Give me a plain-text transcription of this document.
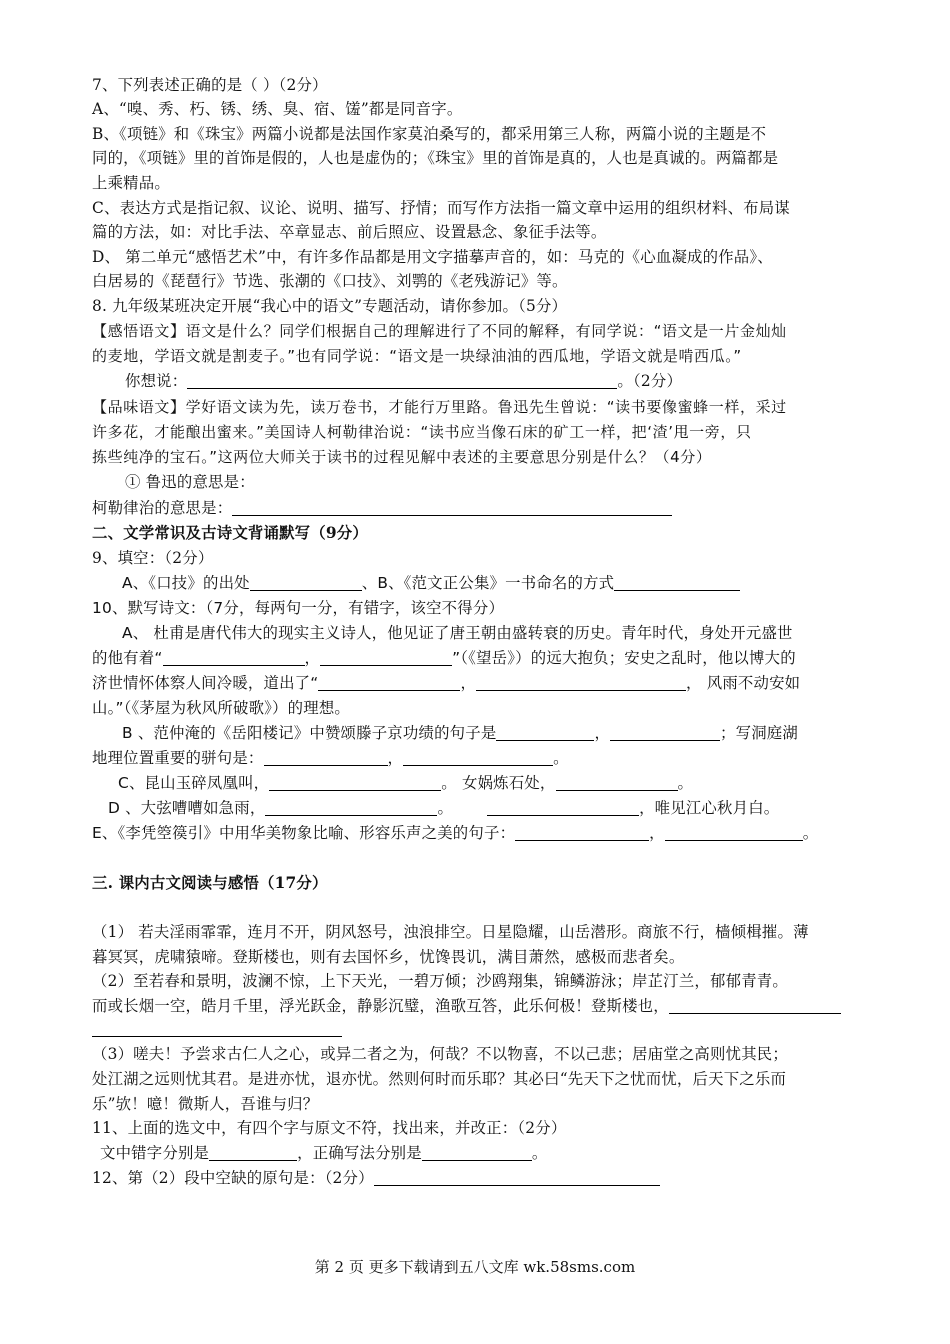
7、下列表述正确的是（ ）（2分）
A、“嗅、秀、朽、锈、绣、臭、宿、馐”都是同音字。
B、《项链》和《珠宝》两篇小说都是法国作家莫泊桑写的，都采用第三人称，两篇小说的主题是不
同的，《项链》里的首饰是假的，人也是虚伪的；《珠宝》里的首饰是真的，人也是真诚的。两篇都是
上乘精品。
C、表达方式是指记叙、议论、说明、描写、抒情；而写作方法指一篇文章中运用的组织材料、布局谋
篇的方法，如：对比手法、卒章显志、前后照应、设置悬念、象征手法等。
D、 第二单元“感悟艺术”中，有许多作品都是用文字描摹声音的，如：马克的《心血凝成的作品》、
白居易的《琵琶行》节选、张潮的《口技》、刘鹗的《老残游记》等。
8. 九年级某班决定开展“我心中的语文”专题活动，请你参加。（5分）
【感悟语文】语文是什么？同学们根据自己的理解进行了不同的解释，有同学说：“语文是一片金灿灿
的麦地，学语文就是割麦子。”也有同学说：“语文是一块绿油油的西瓜地，学语文就是啃西瓜。”
你想说：	。（2分）
【品味语文】学好语文读为先，读万卷书，才能行万里路。鲁迅先生曾说：“读书要像蜜蜂一样，采过
许多花，才能酿出蜜来。”美国诗人柯勒律治说：“读书应当像石床的矿工一样，把‘渣’甩一旁，只
拣些纯净的宝石。”这两位大师关于读书的过程见解中表述的主要意思分别是什么？（4分）
① 鲁迅的意思是：
柯勒律治的意思是：
二、文学常识及古诗文背诵默写（9分）
9、填空：（2分）
A、《口技》的出处	、B、《范文正公集》一书命名的方式
10、默写诗文：（7分，每两句一分，有错字，该空不得分）
A、 杜甫是唐代伟大的现实主义诗人，他见证了唐王朝由盛转衰的历史。青年时代，身处开元盛世
的他有着“	，	”（《望岳》）的远大抱负；安史之乱时，他以博大的
济世情怀体察人间冷暖，道出了“	，	， 风雨不动安如
山。”（《茅屋为秋风所破歌》）的理想。
B 、范仲淹的《岳阳楼记》中赞颂滕子京功绩的句子是	，	；写洞庭湖
地理位置重要的骈句是：	，	。
C、昆山玉碎凤凰叫，	。 女娲炼石处，	。
D 、大弦嘈嘈如急雨，	。	，唯见江心秋月白。
E、《李凭箜篌引》中用华美物象比喻、形容乐声之美的句子：	，	。
三. 课内古文阅读与感悟（17分）
（1） 若夫淫雨霏霏，连月不开，阴风怒号，浊浪排空。日星隐耀，山岳潜形。商旅不行，樯倾楫摧。薄
暮冥冥，虎啸猿啼。登斯楼也，则有去国怀乡，忧馋畏讥，满目萧然，感极而悲者矣。
（2）至若春和景明，波澜不惊，上下天光，一碧万倾；沙鸥翔集，锦鳞游泳；岸芷汀兰，郁郁青青。
而或长烟一空，皓月千里，浮光跃金，静影沉璧，渔歌互答，此乐何极！登斯楼也，
（3）嗟夫！予尝求古仁人之心，或异二者之为，何哉？不以物喜，不以己悲；居庙堂之高则忧其民；
处江湖之远则忧其君。是进亦忧，退亦忧。然则何时而乐耶？其必曰“先天下之忧而忧，后天下之乐而
乐”欤！噫！微斯人，吾谁与归？
11、上面的选文中，有四个字与原文不符，找出来，并改正：（2分）
文中错字分别是	，正确写法分别是	。
12、第（2）段中空缺的原句是：（2分）
第 2 页 更多下载请到五八文库 wk.58sms.com
